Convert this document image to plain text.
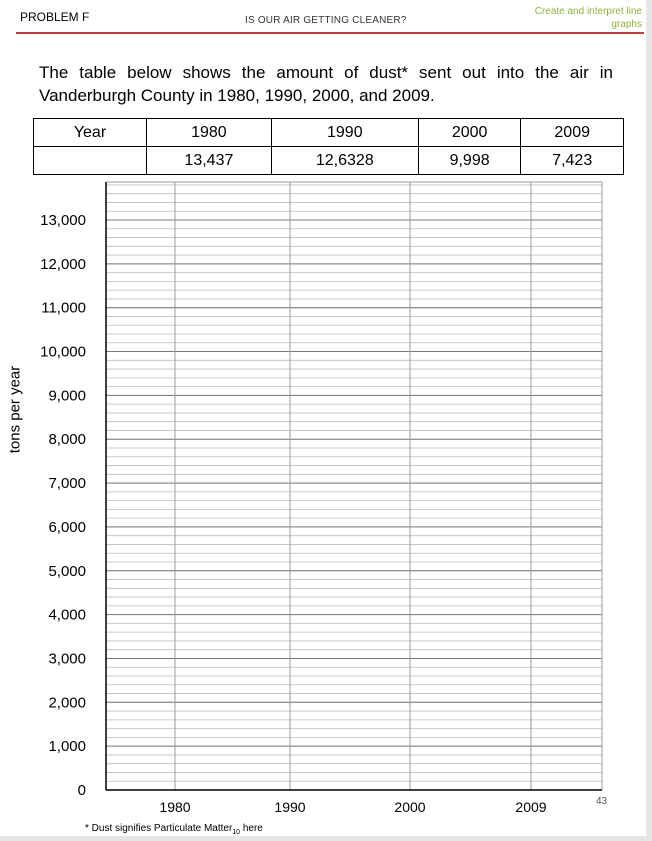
PROBLEM F	IS OUR AIR GETTING CLEANER?
Create and interpret line graphs
The table below shows the amount of dust* sent out into the air in Vanderburgh County in 1980, 1990, 2000, and 2009.
Year	1980	1990	2000	2009
	13,437	12,6328	9,998	7,423
tons per year
0
1,000
2,000
3,000
4,000
5,000
6,000
7,000
8,000
9,000
10,000
11,000
12,000
13,000
1980	1990	2000	2009
* Dust signifies Particulate Matter$_{10}$ here
43
